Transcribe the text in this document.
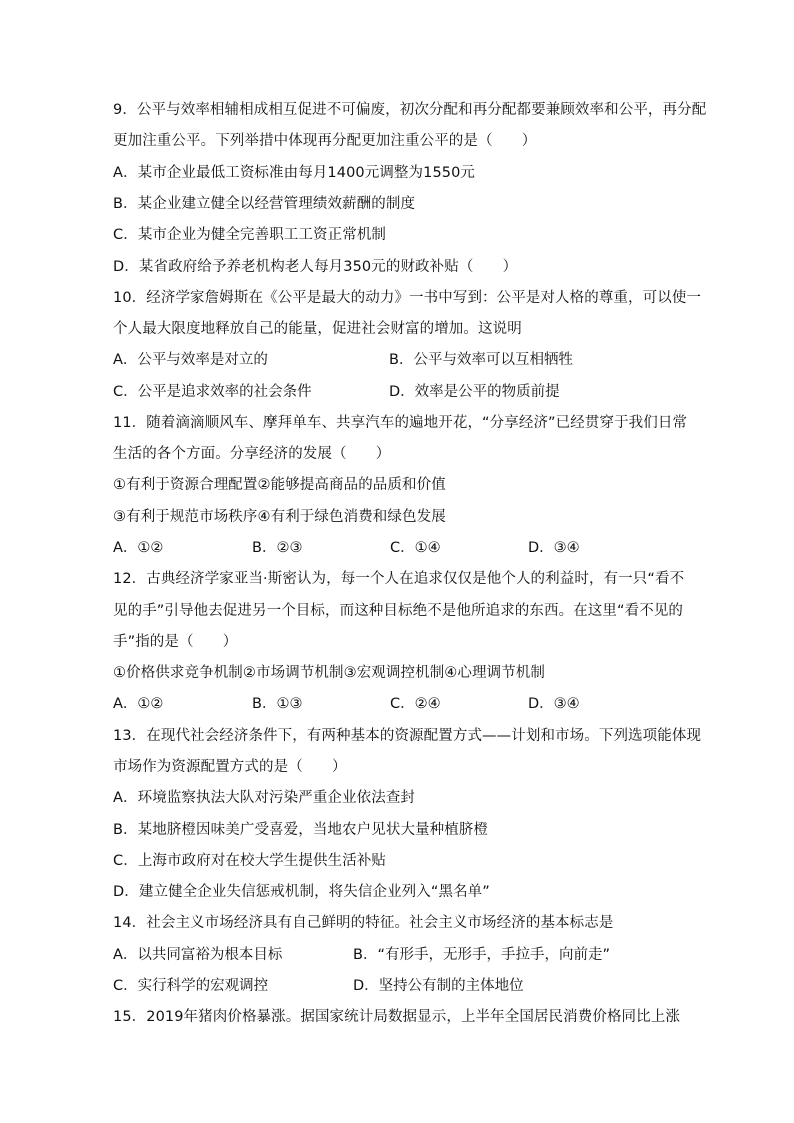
9．公平与效率相辅相成相互促进不可偏废，初次分配和再分配都要兼顾效率和公平，再分配
更加注重公平。下列举措中体现再分配更加注重公平的是（　　）
A．某市企业最低工资标准由每月1400元调整为1550元
B．某企业建立健全以经营管理绩效薪酬的制度
C．某市企业为健全完善职工工资正常机制
D．某省政府给予养老机构老人每月350元的财政补贴（　　）
10．经济学家詹姆斯在《公平是最大的动力》一书中写到：公平是对人格的尊重，可以使一
个人最大限度地释放自己的能量，促进社会财富的增加。这说明
A．公平与效率是对立的	B．公平与效率可以互相牺牲
C．公平是追求效率的社会条件	D．效率是公平的物质前提
11．随着滴滴顺风车、摩拜单车、共享汽车的遍地开花，“分享经济”已经贯穿于我们日常
生活的各个方面。分享经济的发展（　　）
①有利于资源合理配置②能够提高商品的品质和价值
③有利于规范市场秩序④有利于绿色消费和绿色发展
A．①②	B．②③	C．①④	D．③④
12．古典经济学家亚当·斯密认为，每一个人在追求仅仅是他个人的利益时，有一只“看不
见的手”引导他去促进另一个目标，而这种目标绝不是他所追求的东西。在这里“看不见的
手”指的是（　　）
①价格供求竞争机制②市场调节机制③宏观调控机制④心理调节机制
A．①②	B．①③	C．②④	D．③④
13．在现代社会经济条件下，有两种基本的资源配置方式——计划和市场。下列选项能体现
市场作为资源配置方式的是（　　）
A．环境监察执法大队对污染严重企业依法查封
B．某地脐橙因味美广受喜爱，当地农户见状大量种植脐橙
C．上海市政府对在校大学生提供生活补贴
D．建立健全企业失信惩戒机制，将失信企业列入“黑名单”
14．社会主义市场经济具有自己鲜明的特征。社会主义市场经济的基本标志是
A．以共同富裕为根本目标	B．“有形手，无形手，手拉手，向前走”
C．实行科学的宏观调控	D．坚持公有制的主体地位
15．2019年猪肉价格暴涨。据国家统计局数据显示，上半年全国居民消费价格同比上涨
